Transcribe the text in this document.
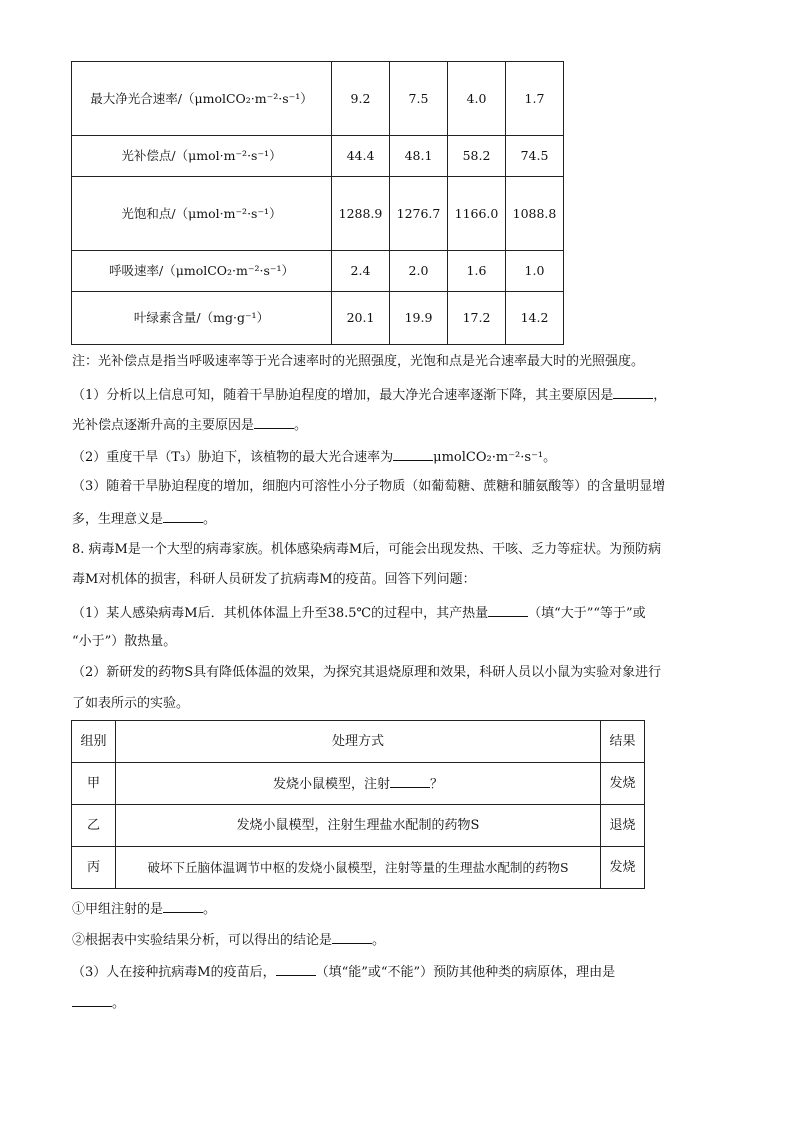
最大净光合速率/（μmolCO₂·m⁻²·s⁻¹）	9.2	7.5	4.0	1.7
光补偿点/（μmol·m⁻²·s⁻¹）	44.4	48.1	58.2	74.5
光饱和点/（μmol·m⁻²·s⁻¹）	1288.9	1276.7	1166.0	1088.8
呼吸速率/（μmolCO₂·m⁻²·s⁻¹）	2.4	2.0	1.6	1.0
叶绿素含量/（mg·g⁻¹）	20.1	19.9	17.2	14.2
注：光补偿点是指当呼吸速率等于光合速率时的光照强度，光饱和点是光合速率最大时的光照强度。
（1）分析以上信息可知，随着干旱胁迫程度的增加，最大净光合速率逐渐下降，其主要原因是	，
光补偿点逐渐升高的主要原因是	。
（2）重度干旱（T₃）胁迫下，该植物的最大光合速率为	μmolCO₂·m⁻²·s⁻¹。
（3）随着干旱胁迫程度的增加，细胞内可溶性小分子物质（如葡萄糖、蔗糖和脯氨酸等）的含量明显增
多，生理意义是	。
8. 病毒M是一个大型的病毒家族。机体感染病毒M后，可能会出现发热、干咳、乏力等症状。为预防病
毒M对机体的损害，科研人员研发了抗病毒M的疫苗。回答下列问题：
（1）某人感染病毒M后．其机体体温上升至38.5℃的过程中，其产热量	（填“大于”“等于”或
“小于”）散热量。
（2）新研发的药物S具有降低体温的效果，为探究其退烧原理和效果，科研人员以小鼠为实验对象进行
了如表所示的实验。
组别	处理方式	结果
甲	发烧小鼠模型，注射 ？	发烧
乙	发烧小鼠模型，注射生理盐水配制的药物S	退烧
丙	破坏下丘脑体温调节中枢的发烧小鼠模型，注射等量的生理盐水配制的药物S	发烧
①甲组注射的是	。
②根据表中实验结果分析，可以得出的结论是	。
（3）人在接种抗病毒M的疫苗后，	（填“能”或“不能”）预防其他种类的病原体，理由是
。
